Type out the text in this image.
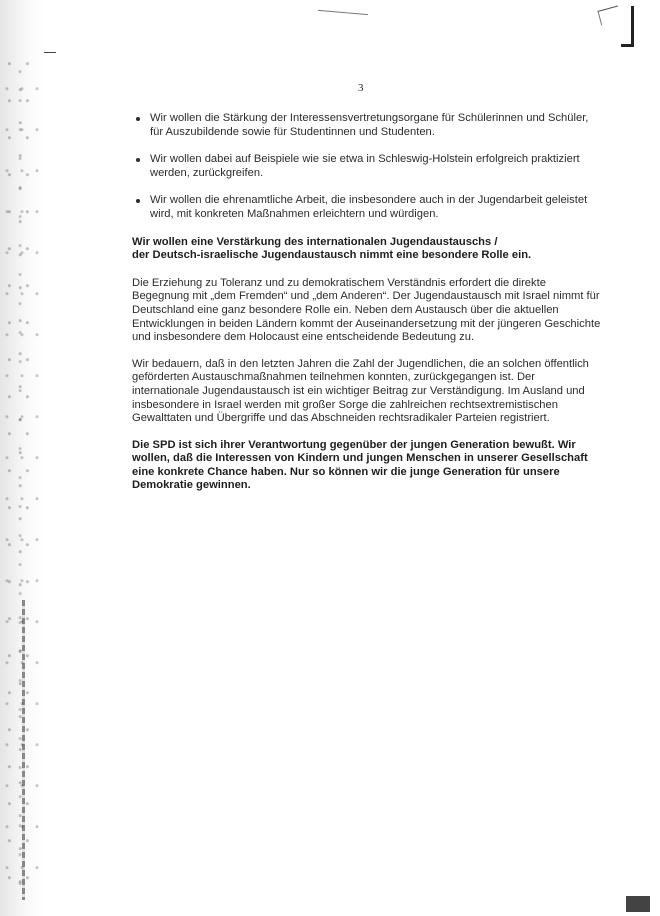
3
Wir wollen die Stärkung der Interessensvertretungsorgane für Schülerinnen und Schüler, für Auszubildende sowie für Studentinnen und Studenten.
Wir wollen dabei auf Beispiele wie sie etwa in Schleswig-Holstein erfolgreich praktiziert werden, zurückgreifen.
Wir wollen die ehrenamtliche Arbeit, die insbesondere auch in der Jugendarbeit geleistet wird, mit konkreten Maßnahmen erleichtern und würdigen.
Wir wollen eine Verstärkung des internationalen Jugendaustauschs /
der Deutsch-israelische Jugendaustausch nimmt eine besondere Rolle ein.

Die Erziehung zu Toleranz und zu demokratischem Verständnis erfordert die direkte Begegnung mit „dem Fremden“ und „dem Anderen“. Der Jugendaustausch mit Israel nimmt für Deutschland eine ganz besondere Rolle ein. Neben dem Austausch über die aktuellen Entwicklungen in beiden Ländern kommt der Auseinandersetzung mit der jüngeren Geschichte und insbesondere dem Holocaust eine entscheidende Bedeutung zu.

Wir bedauern, daß in den letzten Jahren die Zahl der Jugendlichen, die an solchen öffentlich geförderten Austauschmaßnahmen teilnehmen konnten, zurückgegangen ist. Der internationale Jugendaustausch ist ein wichtiger Beitrag zur Verständigung. Im Ausland und insbesondere in Israel werden mit großer Sorge die zahlreichen rechtsextremistischen Gewalttaten und Übergriffe und das Abschneiden rechtsradikaler Parteien registriert.

Die SPD ist sich ihrer Verantwortung gegenüber der jungen Generation bewußt. Wir wollen, daß die Interessen von Kindern und jungen Menschen in unserer Gesellschaft eine konkrete Chance haben. Nur so können wir die junge Generation für unsere Demokratie gewinnen.
